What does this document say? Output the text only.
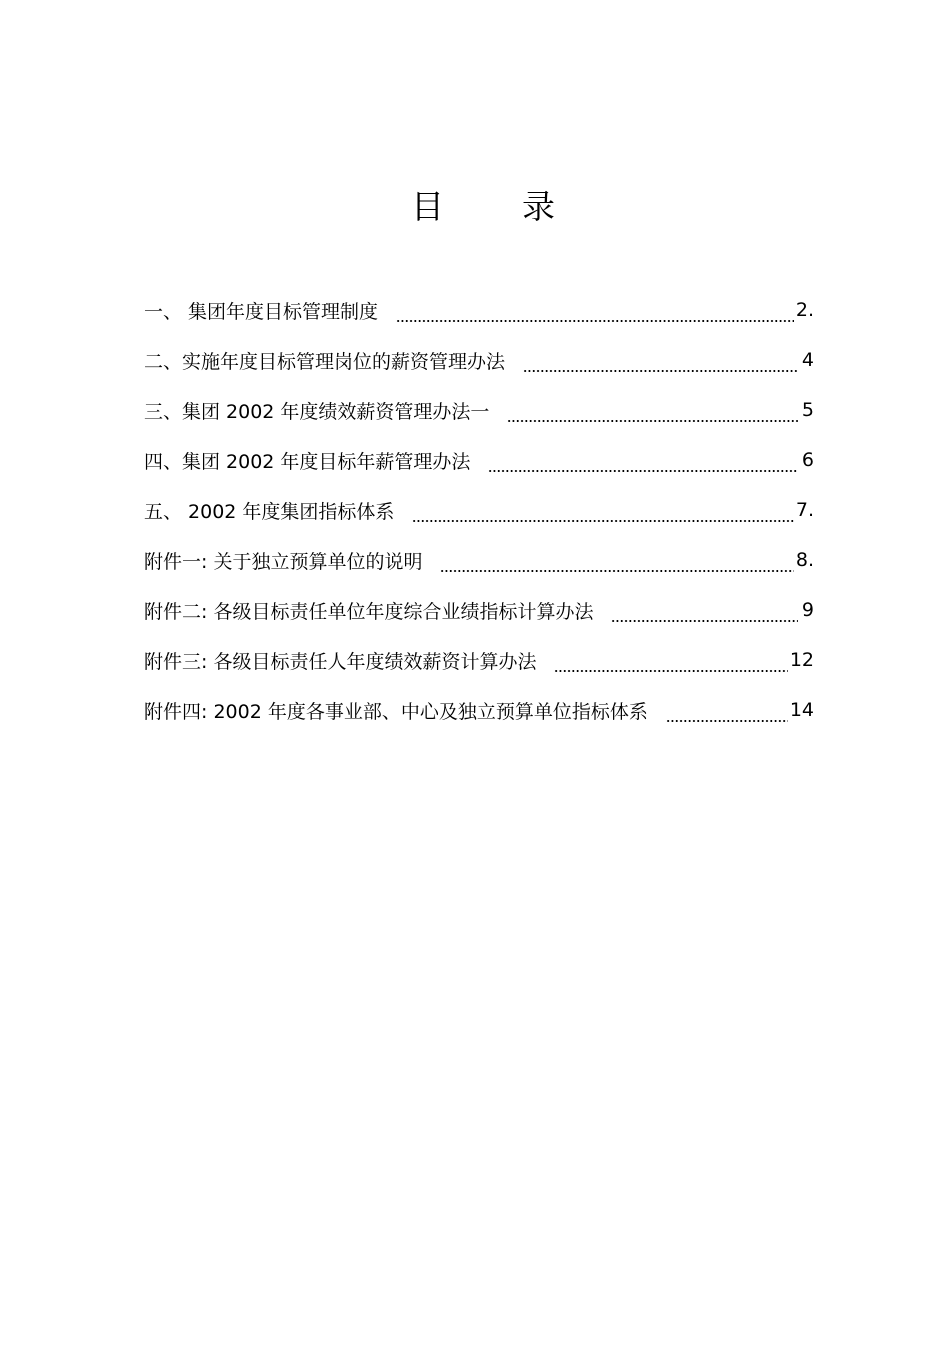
目 录
一、 集团年度目标管理制度	2.
二、实施年度目标管理岗位的薪资管理办法	4
三、集团 2002 年度绩效薪资管理办法一	5
四、集团 2002 年度目标年薪管理办法	6
五、 2002 年度集团指标体系	7.
附件一: 关于独立预算单位的说明	8.
附件二: 各级目标责任单位年度综合业绩指标计算办法	9
附件三: 各级目标责任人年度绩效薪资计算办法	12
附件四: 2002 年度各事业部、中心及独立预算单位指标体系	14
